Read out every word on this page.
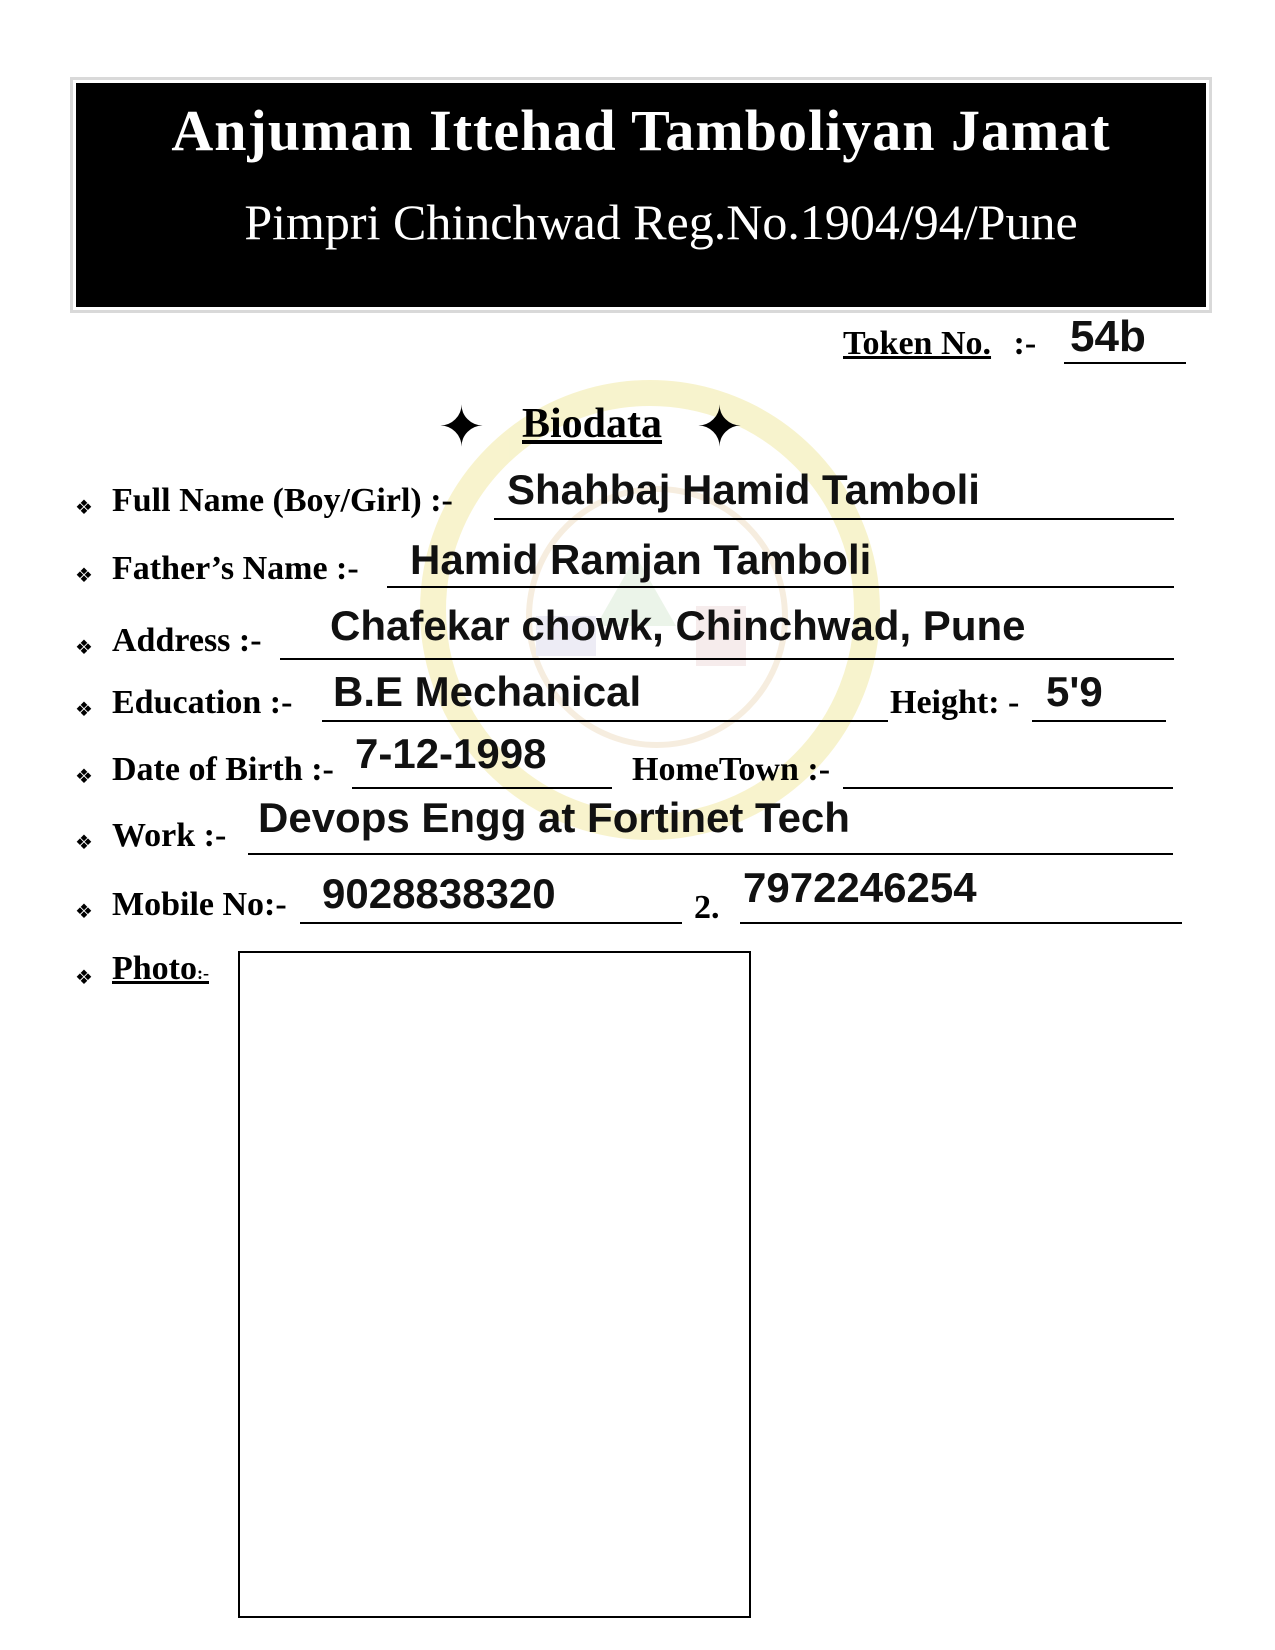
Anjuman Ittehad Tamboliyan Jamat
Pimpri Chinchwad Reg.No.1904/94/Pune
Token No. :- 54b
✦ Biodata ✦
❖ Full Name (Boy/Girl) :- Shahbaj Hamid Tamboli
❖ Father’s Name :- Hamid Ramjan Tamboli
❖ Address :- Chafekar chowk, Chinchwad, Pune
❖ Education :- B.E Mechanical	Height: - 5'9
❖ Date of Birth :- 7-12-1998	HomeTown :-
❖ Work :- Devops Engg at Fortinet Tech
❖ Mobile No:- 9028838320	2. 7972246254
❖ Photo:-
